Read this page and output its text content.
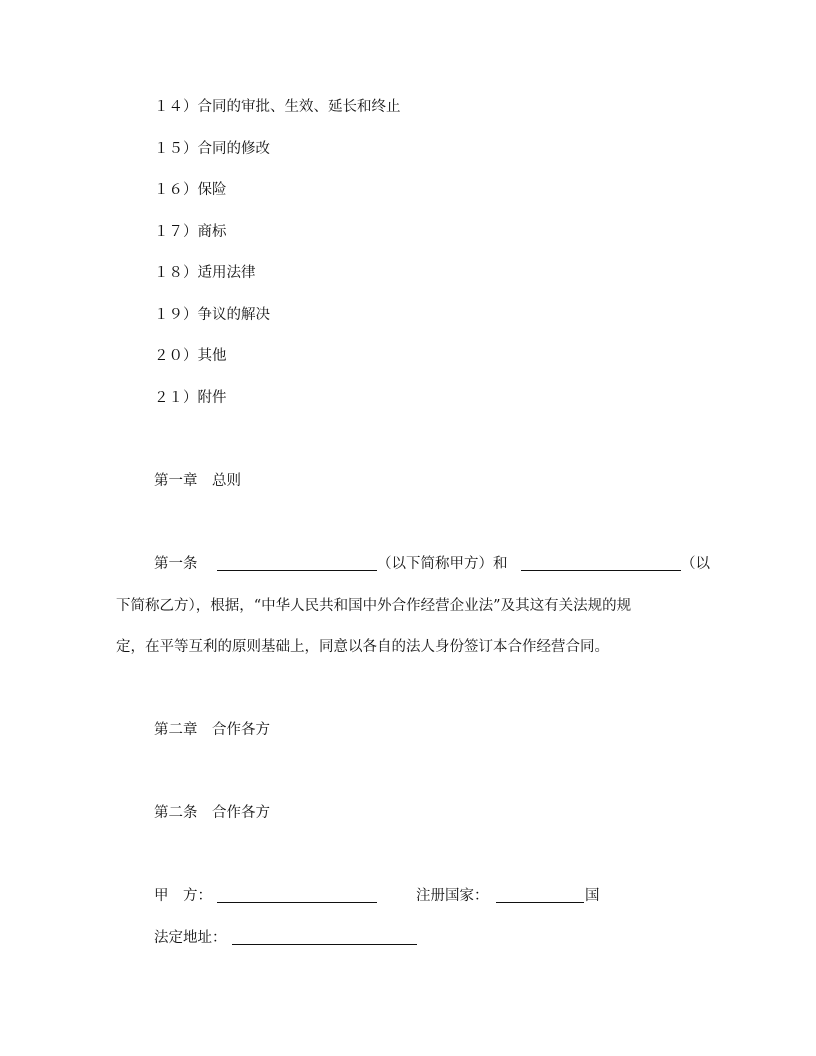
１４）合同的审批、生效、延长和终止
１５）合同的修改
１６）保险
１７）商标
１８）适用法律
１９）争议的解决
２０）其他
２１）附件
第一章　总则
第一条	（以下简称甲方）和	（以
下简称乙方），根据，“中华人民共和国中外合作经营企业法”及其这有关法规的规
定，在平等互利的原则基础上，同意以各自的法人身份签订本合作经营合同。
第二章　合作各方
第二条　合作各方
甲　方：	注册国家：	国
法定地址：
